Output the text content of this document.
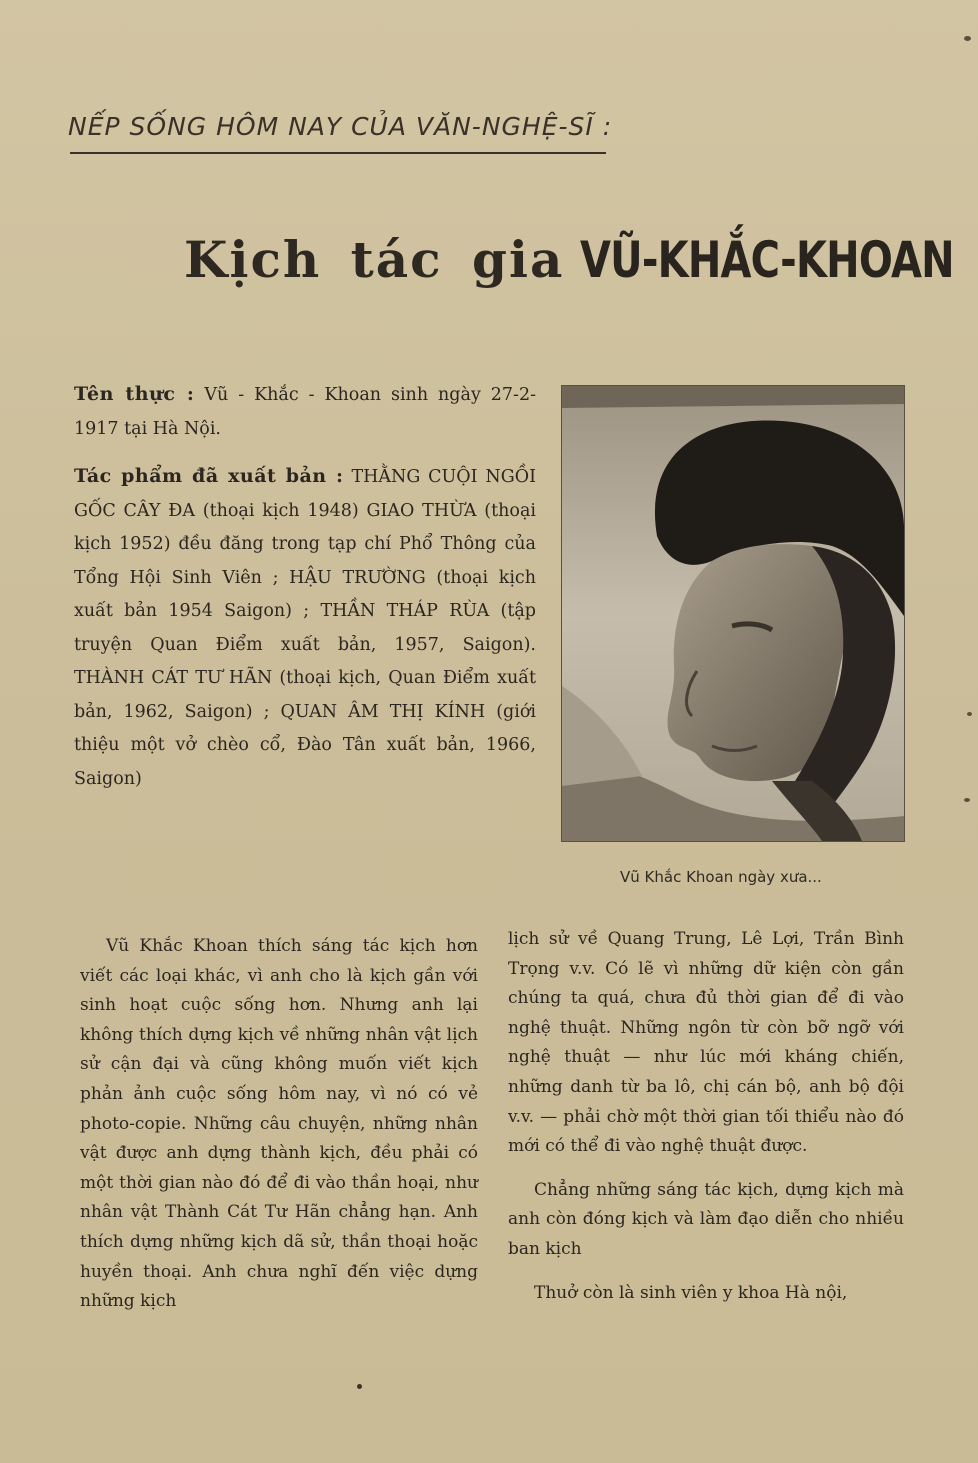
NẾP SỐNG HÔM NAY CỦA VĂN-NGHỆ-SĨ :
Kịch tác gia VŨ-KHẮC-KHOAN

Tên thực : Vũ - Khắc - Khoan sinh ngày 27-2-1917 tại Hà Nội.

Tác phẩm đã xuất bản : THẰNG CUỘI NGỒI GỐC CÂY ĐA (thoại kịch 1948) GIAO THỪA (thoại kịch 1952) đều đăng trong tạp chí Phổ Thông của Tổng Hội Sinh Viên ; HẬU TRƯỜNG (thoại kịch xuất bản 1954 Saigon) ; THẦN THÁP RÙA (tập truyện Quan Điểm xuất bản, 1957, Saigon). THÀNH CÁT TƯ HÃN (thoại kịch, Quan Điểm xuất bản, 1962, Saigon) ; QUAN ÂM THỊ KÍNH (giới thiệu một vở chèo cổ, Đào Tân xuất bản, 1966, Saigon)

Vũ Khắc Khoan ngày xưa...

Vũ Khắc Khoan thích sáng tác kịch hơn viết các loại khác, vì anh cho là kịch gần với sinh hoạt cuộc sống hơn. Nhưng anh lại không thích dựng kịch về những nhân vật lịch sử cận đại và cũng không muốn viết kịch phản ảnh cuộc sống hôm nay, vì nó có vẻ photo-copie. Những câu chuyện, những nhân vật được anh dựng thành kịch, đều phải có một thời gian nào đó để đi vào thần hoại, như nhân vật Thành Cát Tư Hãn chẳng hạn. Anh thích dựng những kịch dã sử, thần thoại hoặc huyền thoại. Anh chưa nghĩ đến việc dựng những kịch

lịch sử về Quang Trung, Lê Lợi, Trần Bình Trọng v.v. Có lẽ vì những dữ kiện còn gần chúng ta quá, chưa đủ thời gian để đi vào nghệ thuật. Những ngôn từ còn bỡ ngỡ với nghệ thuật — như lúc mới kháng chiến, những danh từ ba lô, chị cán bộ, anh bộ đội v.v. — phải chờ một thời gian tối thiểu nào đó mới có thể đi vào nghệ thuật được.

Chẳng những sáng tác kịch, dựng kịch mà anh còn đóng kịch và làm đạo diễn cho nhiều ban kịch

Thuở còn là sinh viên y khoa Hà nội,
